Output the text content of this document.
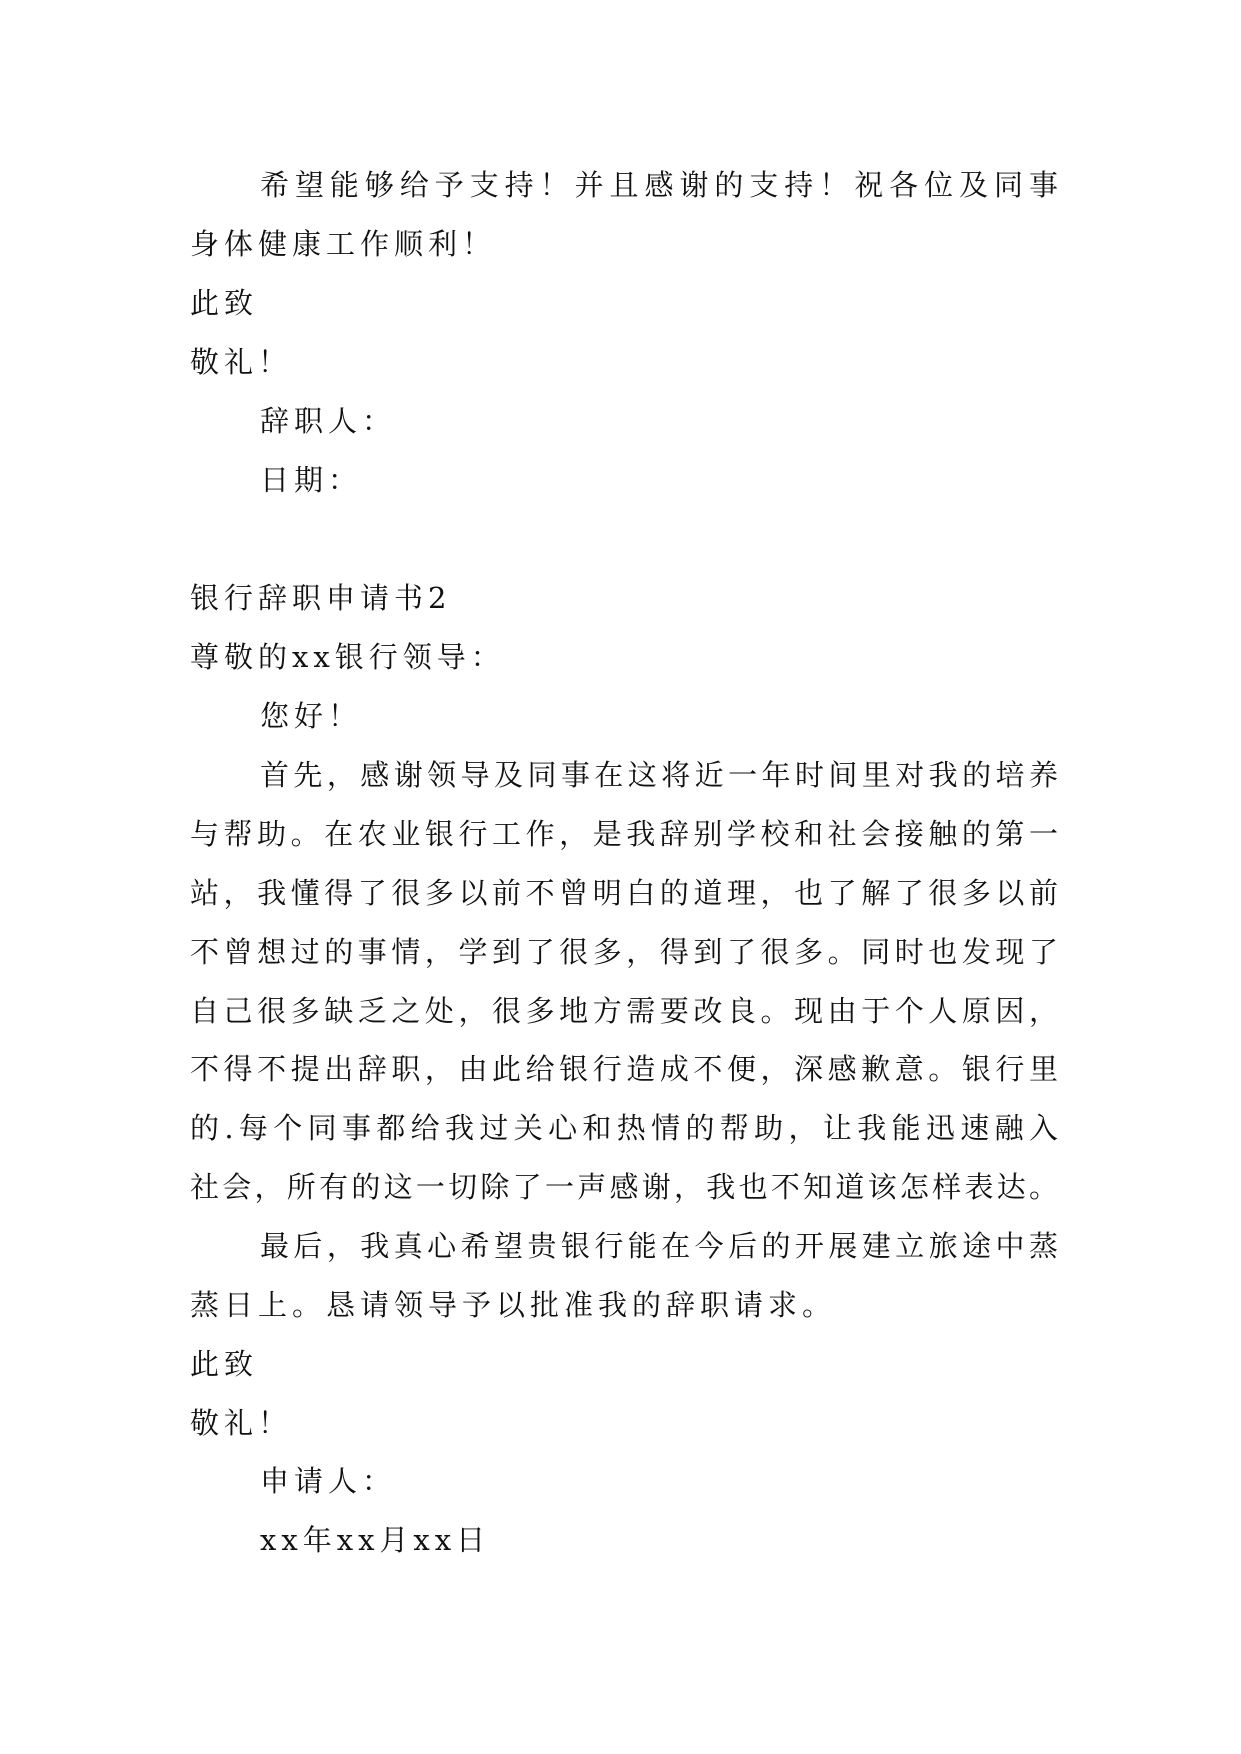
希望能够给予支持！并且感谢的支持！祝各位及同事
身体健康工作顺利！
此致
敬礼！
辞职人：
日期：
银行辞职申请书2
尊敬的xx银行领导：
您好！
首先，感谢领导及同事在这将近一年时间里对我的培养
与帮助。在农业银行工作，是我辞别学校和社会接触的第一
站，我懂得了很多以前不曾明白的道理，也了解了很多以前
不曾想过的事情，学到了很多，得到了很多。同时也发现了
自己很多缺乏之处，很多地方需要改良。现由于个人原因，
不得不提出辞职，由此给银行造成不便，深感歉意。银行里
的.每个同事都给我过关心和热情的帮助，让我能迅速融入
社会，所有的这一切除了一声感谢，我也不知道该怎样表达。
最后，我真心希望贵银行能在今后的开展建立旅途中蒸
蒸日上。恳请领导予以批准我的辞职请求。
此致
敬礼！
申请人：
xx年xx月xx日
